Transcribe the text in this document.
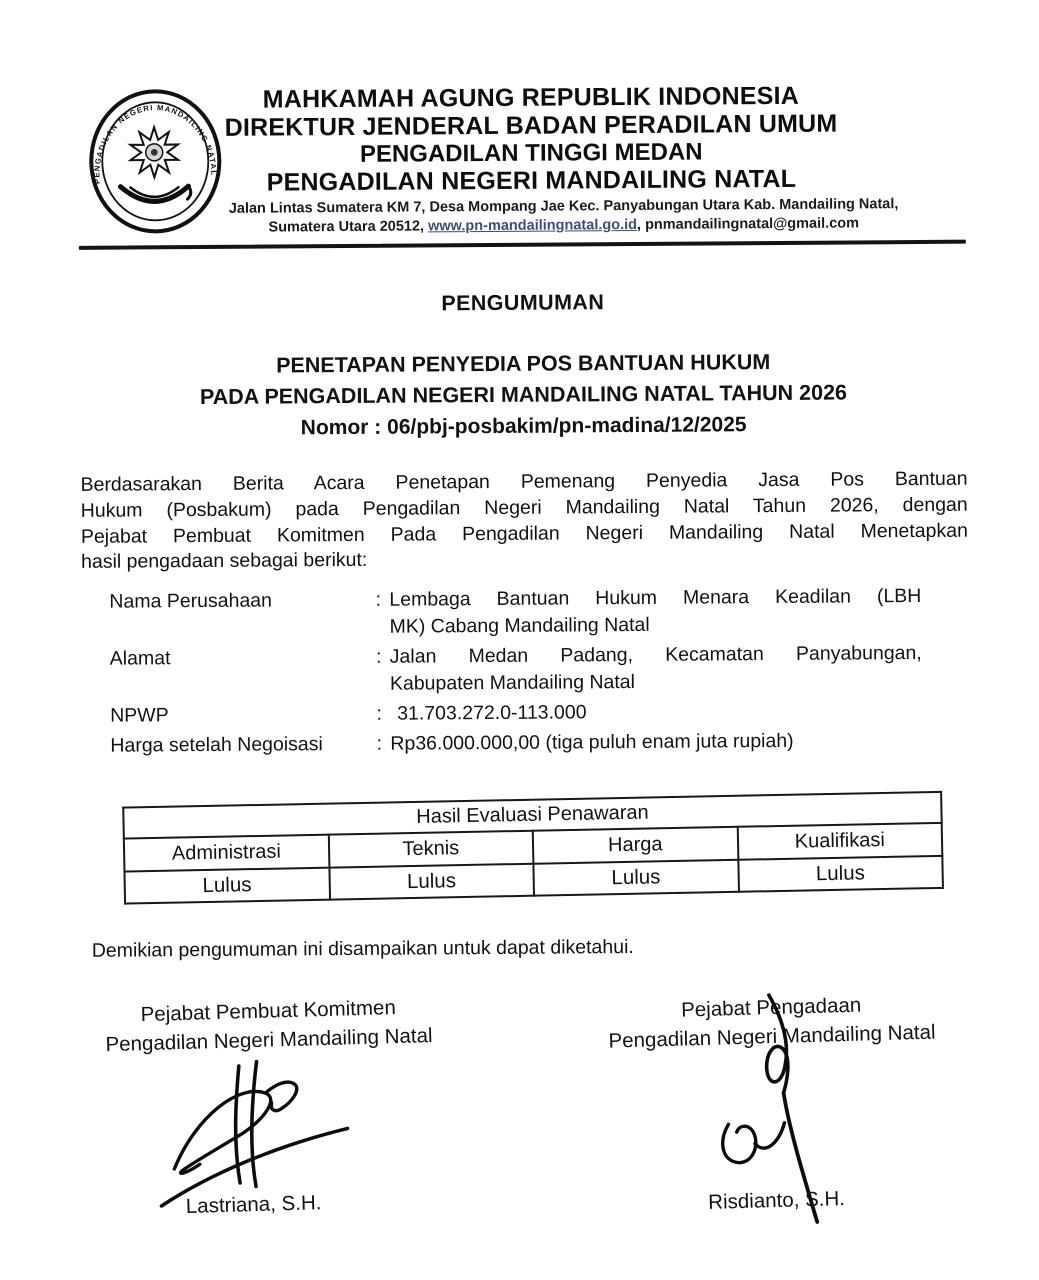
PENGADILAN NEGERI MANDAILING NATAL
MAHKAMAH AGUNG REPUBLIK INDONESIA
DIREKTUR JENDERAL BADAN PERADILAN UMUM
PENGADILAN TINGGI MEDAN
PENGADILAN NEGERI MANDAILING NATAL
Jalan Lintas Sumatera KM 7, Desa Mompang Jae Kec. Panyabungan Utara Kab. Mandailing Natal,
Sumatera Utara 20512, www.pn-mandailingnatal.go.id, pnmandailingnatal@gmail.com
PENGUMUMAN
PENETAPAN PENYEDIA POS BANTUAN HUKUM
PADA PENGADILAN NEGERI MANDAILING NATAL TAHUN 2026
Nomor : 06/pbj-posbakim/pn-madina/12/2025
Berdasarakan Berita Acara Penetapan Pemenang Penyedia Jasa Pos Bantuan
Hukum (Posbakum) pada Pengadilan Negeri Mandailing Natal Tahun 2026, dengan
Pejabat Pembuat Komitmen Pada Pengadilan Negeri Mandailing Natal Menetapkan
hasil pengadaan sebagai berikut:
Nama Perusahaan	: Lembaga Bantuan Hukum Menara Keadilan (LBH
MK) Cabang Mandailing Natal
Alamat	: Jalan Medan Padang, Kecamatan Panyabungan,
Kabupaten Mandailing Natal
NPWP	: 31.703.272.0-113.000
Harga setelah Negoisasi	: Rp36.000.000,00 (tiga puluh enam juta rupiah)
Hasil Evaluasi Penawaran			
Administrasi	Teknis	Harga	Kualifikasi
Lulus	Lulus	Lulus	Lulus

Demikian pengumuman ini disampaikan untuk dapat diketahui.

Pejabat Pembuat Komitmen
Pengadilan Negeri Mandailing Natal
Lastriana, S.H.
Pejabat Pengadaan
Pengadilan Negeri Mandailing Natal
Risdianto, S.H.
